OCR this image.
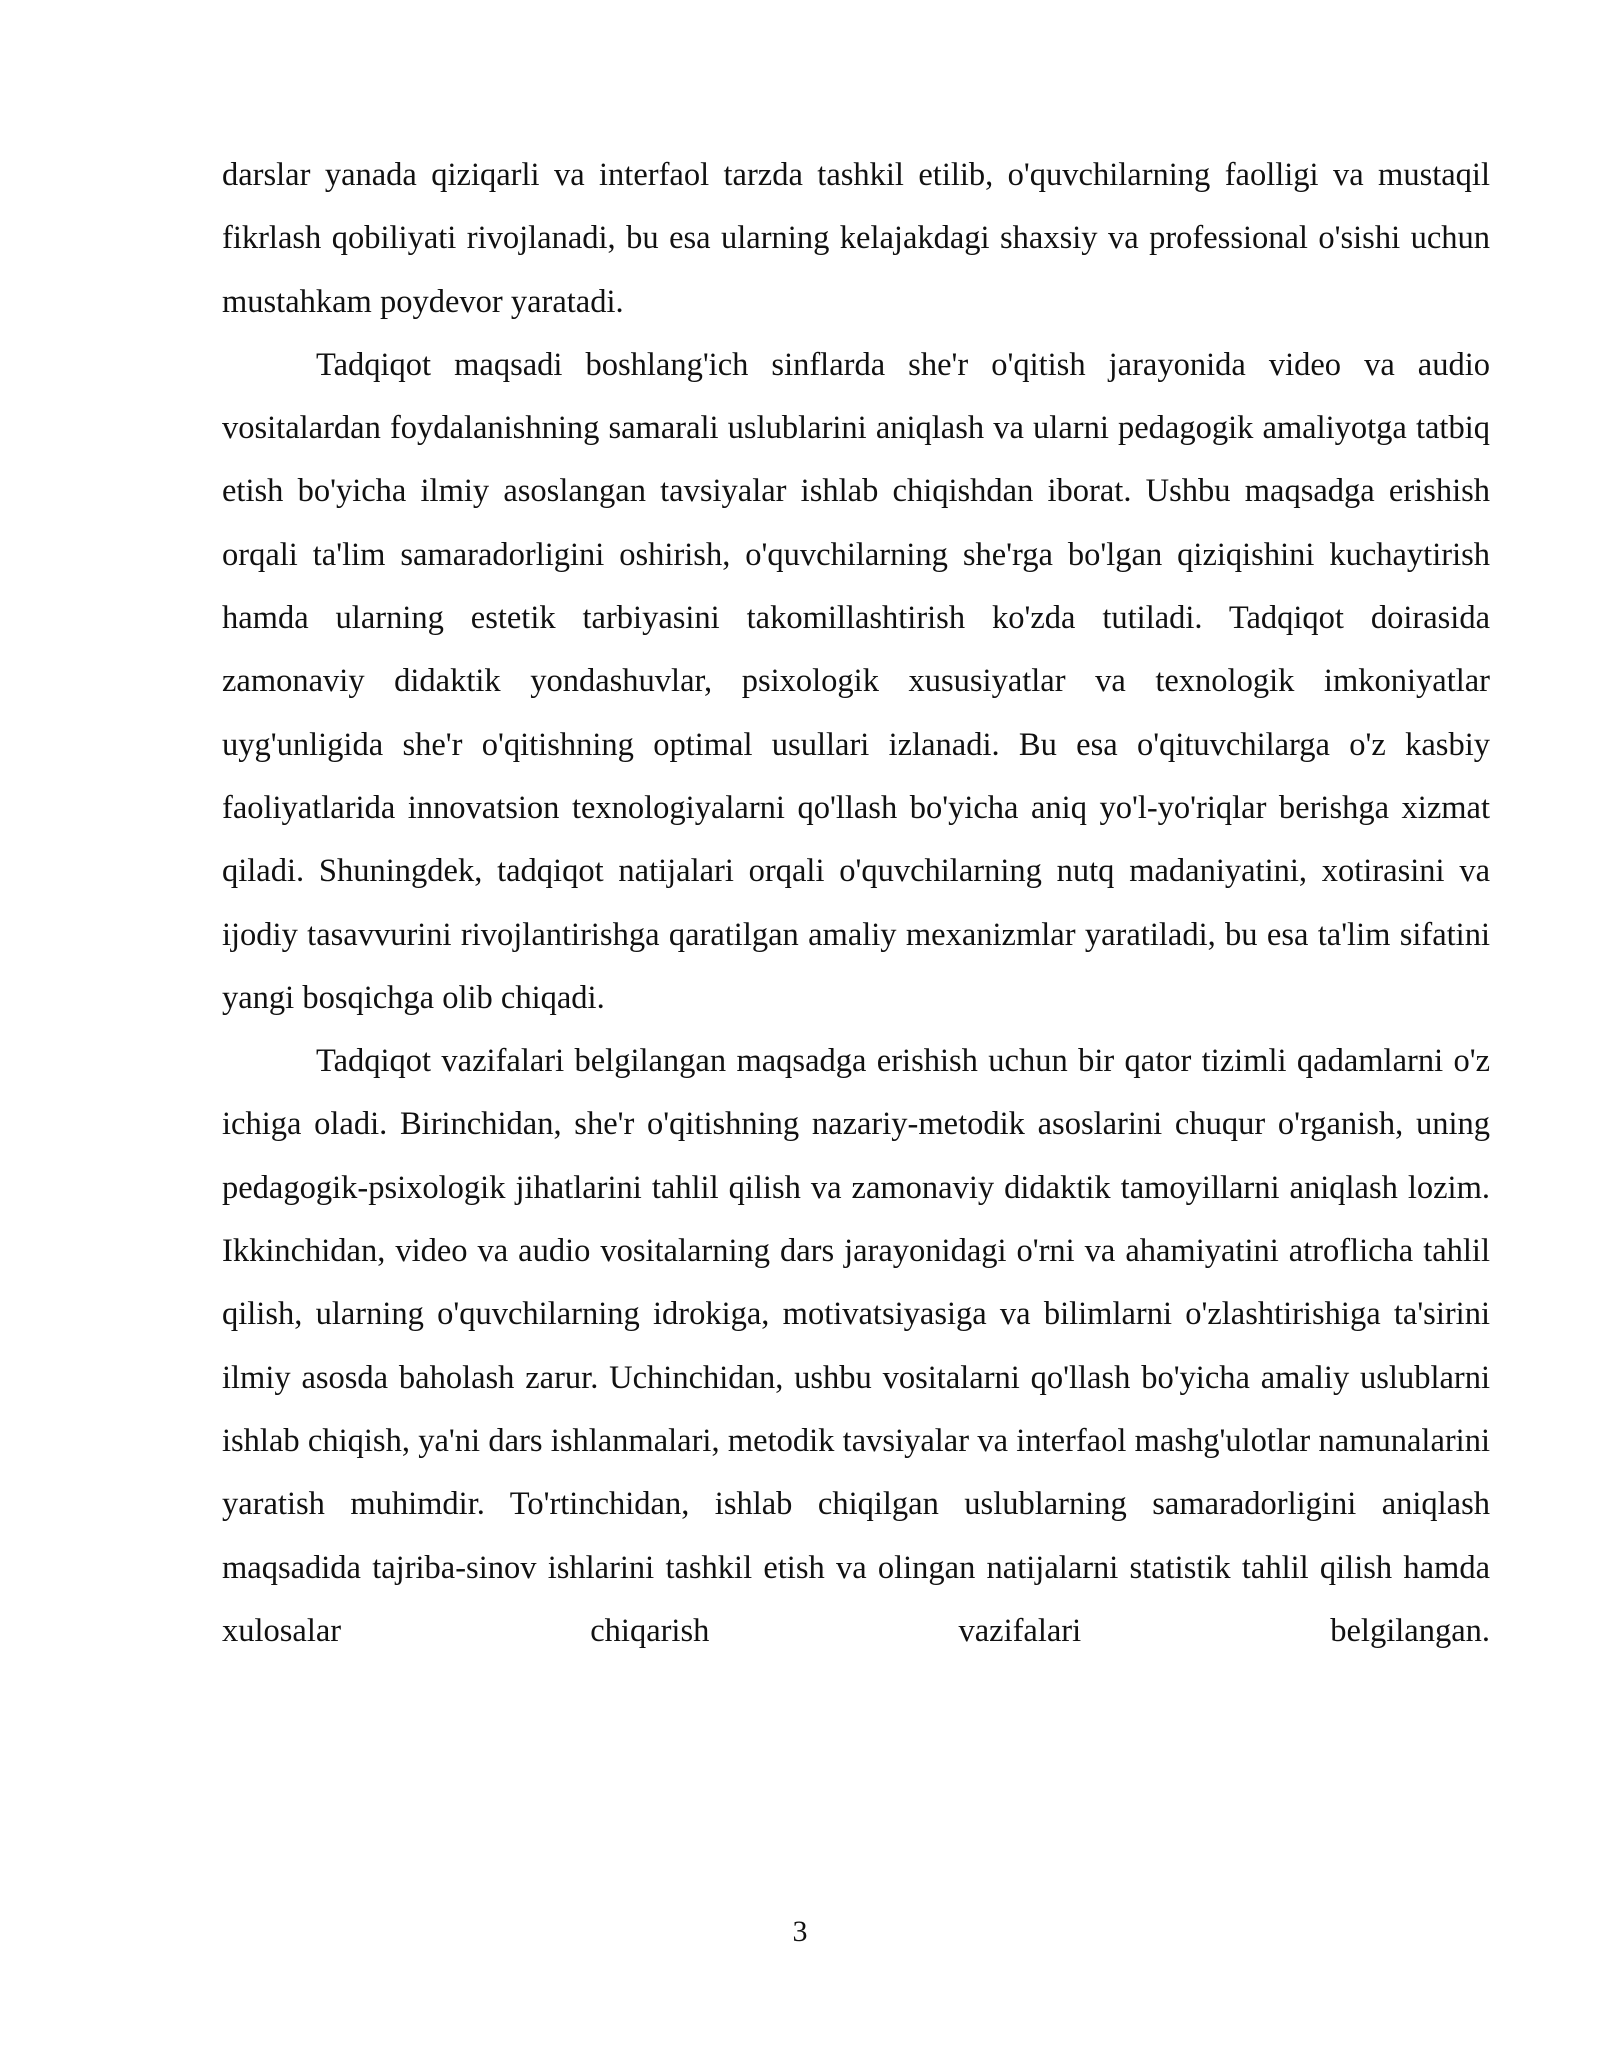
darslar yanada qiziqarli va interfaol tarzda tashkil etilib, o'quvchilarning faolligi va mustaqil fikrlash qobiliyati rivojlanadi, bu esa ularning kelajakdagi shaxsiy va professional o'sishi uchun mustahkam poydevor yaratadi.

Tadqiqot maqsadi boshlang'ich sinflarda she'r o'qitish jarayonida video va audio vositalardan foydalanishning samarali uslublarini aniqlash va ularni pedagogik amaliyotga tatbiq etish bo'yicha ilmiy asoslangan tavsiyalar ishlab chiqishdan iborat. Ushbu maqsadga erishish orqali ta'lim samaradorligini oshirish, o'quvchilarning she'rga bo'lgan qiziqishini kuchaytirish hamda ularning estetik tarbiyasini takomillashtirish ko'zda tutiladi. Tadqiqot doirasida zamonaviy didaktik yondashuvlar, psixologik xususiyatlar va texnologik imkoniyatlar uyg'unligida she'r o'qitishning optimal usullari izlanadi. Bu esa o'qituvchilarga o'z kasbiy faoliyatlarida innovatsion texnologiyalarni qo'llash bo'yicha aniq yo'l-yo'riqlar berishga xizmat qiladi. Shuningdek, tadqiqot natijalari orqali o'quvchilarning nutq madaniyatini, xotirasini va ijodiy tasavvurini rivojlantirishga qaratilgan amaliy mexanizmlar yaratiladi, bu esa ta'lim sifatini yangi bosqichga olib chiqadi.

Tadqiqot vazifalari belgilangan maqsadga erishish uchun bir qator tizimli qadamlarni o'z ichiga oladi. Birinchidan, she'r o'qitishning nazariy-metodik asoslarini chuqur o'rganish, uning pedagogik-psixologik jihatlarini tahlil qilish va zamonaviy didaktik tamoyillarni aniqlash lozim. Ikkinchidan, video va audio vositalarning dars jarayonidagi o'rni va ahamiyatini atroflicha tahlil qilish, ularning o'quvchilarning idrokiga, motivatsiyasiga va bilimlarni o'zlashtirishiga ta'sirini ilmiy asosda baholash zarur. Uchinchidan, ushbu vositalarni qo'llash bo'yicha amaliy uslublarni ishlab chiqish, ya'ni dars ishlanmalari, metodik tavsiyalar va interfaol mashg'ulotlar namunalarini yaratish muhimdir. To'rtinchidan, ishlab chiqilgan uslublarning samaradorligini aniqlash maqsadida tajriba-sinov ishlarini tashkil etish va olingan natijalarni statistik tahlil qilish hamda xulosalar chiqarish vazifalari belgilangan.

3
